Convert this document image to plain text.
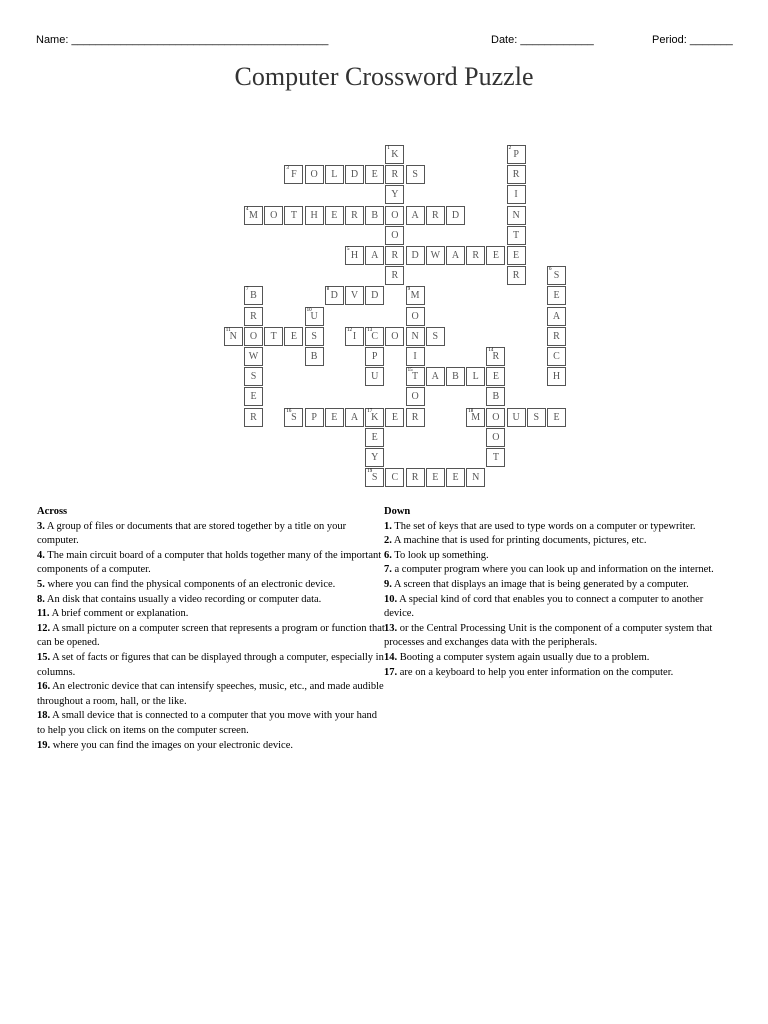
Name: __________________________________________	Date: ____________	Period: _______
Computer Crossword Puzzle
1
K
2
P
3
F	O	L	D	E	R	S	R
Y	I
4
M	O	T	H	E	R	B	O	A	R	D	N
O	T
5
H	A	R	D	W	A	R	E	E
R	R
6
S
7
B
8
D	V	D
9
M	E
R
10
U	O	A
11
N	O	T	E	S
12
I
13
C	O	N	S	R
W	B	P	I
14
R	C
S	U
15
T	A	B	L	E	H
E	O	B
R
16
S	P	E	A
17
K	E	R
18
M	O	U	S	E
E	O
Y	T
19
S	C	R	E	E	N
Across
3. A group of files or documents that are stored together by a title on your computer.
4. The main circuit board of a computer that holds together many of the important components of a computer.
5. where you can find the physical components of an electronic device.
8. An disk that contains usually a video recording or computer data.
11. A brief comment or explanation.
12. A small picture on a computer screen that represents a program or function that can be opened.
15. A set of facts or figures that can be displayed through a computer, especially in columns.
16. An electronic device that can intensify speeches, music, etc., and made audible throughout a room, hall, or the like.
18. A small device that is connected to a computer that you move with your hand to help you click on items on the computer screen.
19. where you can find the images on your electronic device.
Down
1. The set of keys that are used to type words on a computer or typewriter.
2. A machine that is used for printing documents, pictures, etc.
6. To look up something.
7. a computer program where you can look up and information on the internet.
9. A screen that displays an image that is being generated by a computer.
10. A special kind of cord that enables you to connect a computer to another device.
13. or the Central Processing Unit is the component of a computer system that processes and exchanges data with the peripherals.
14. Booting a computer system again usually due to a problem.
17. are on a keyboard to help you enter information on the computer.
